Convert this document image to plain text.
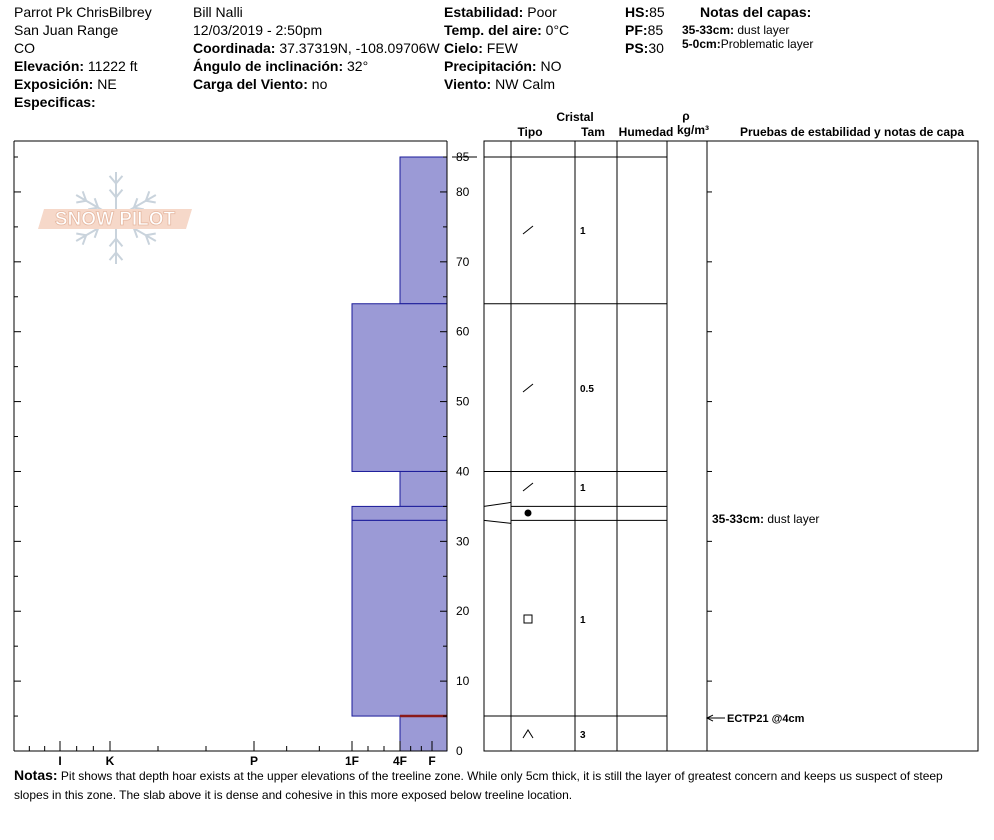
SNOW PILOT
0
10
20
30
40
50
60
70
80
85
I	K	P	1F	4F F
Cristal
Tipo	Tam Humedad
ρ
kg/m³	Pruebas de estabilidad y notas de capa
1
0.5
1
1
3
35-33cm: dust layer
ECTP21 @4cm
Parrot Pk ChrisBilbrey
San Juan Range
CO
Elevación: 11222 ft
Exposición: NE
Especificas:
Bill Nalli
12/03/2019 - 2:50pm
Coordinada: 37.37319N, -108.09706W
Ángulo de inclinación: 32°
Carga del Viento: no
Estabilidad: Poor
Temp. del aire: 0°C
Cielo: FEW
Precipitación: NO
Viento: NW Calm
HS:85
PF:85
PS:30
Notas del capas:
35-33cm: dust layer
5-0cm:Problematic layer
Notas: Pit shows that depth hoar exists at the upper elevations of the treeline zone. While only 5cm thick, it is still the layer of greatest concern and keeps us suspect of steep slopes in this zone. The slab above it is dense and cohesive in this more exposed below treeline location.
